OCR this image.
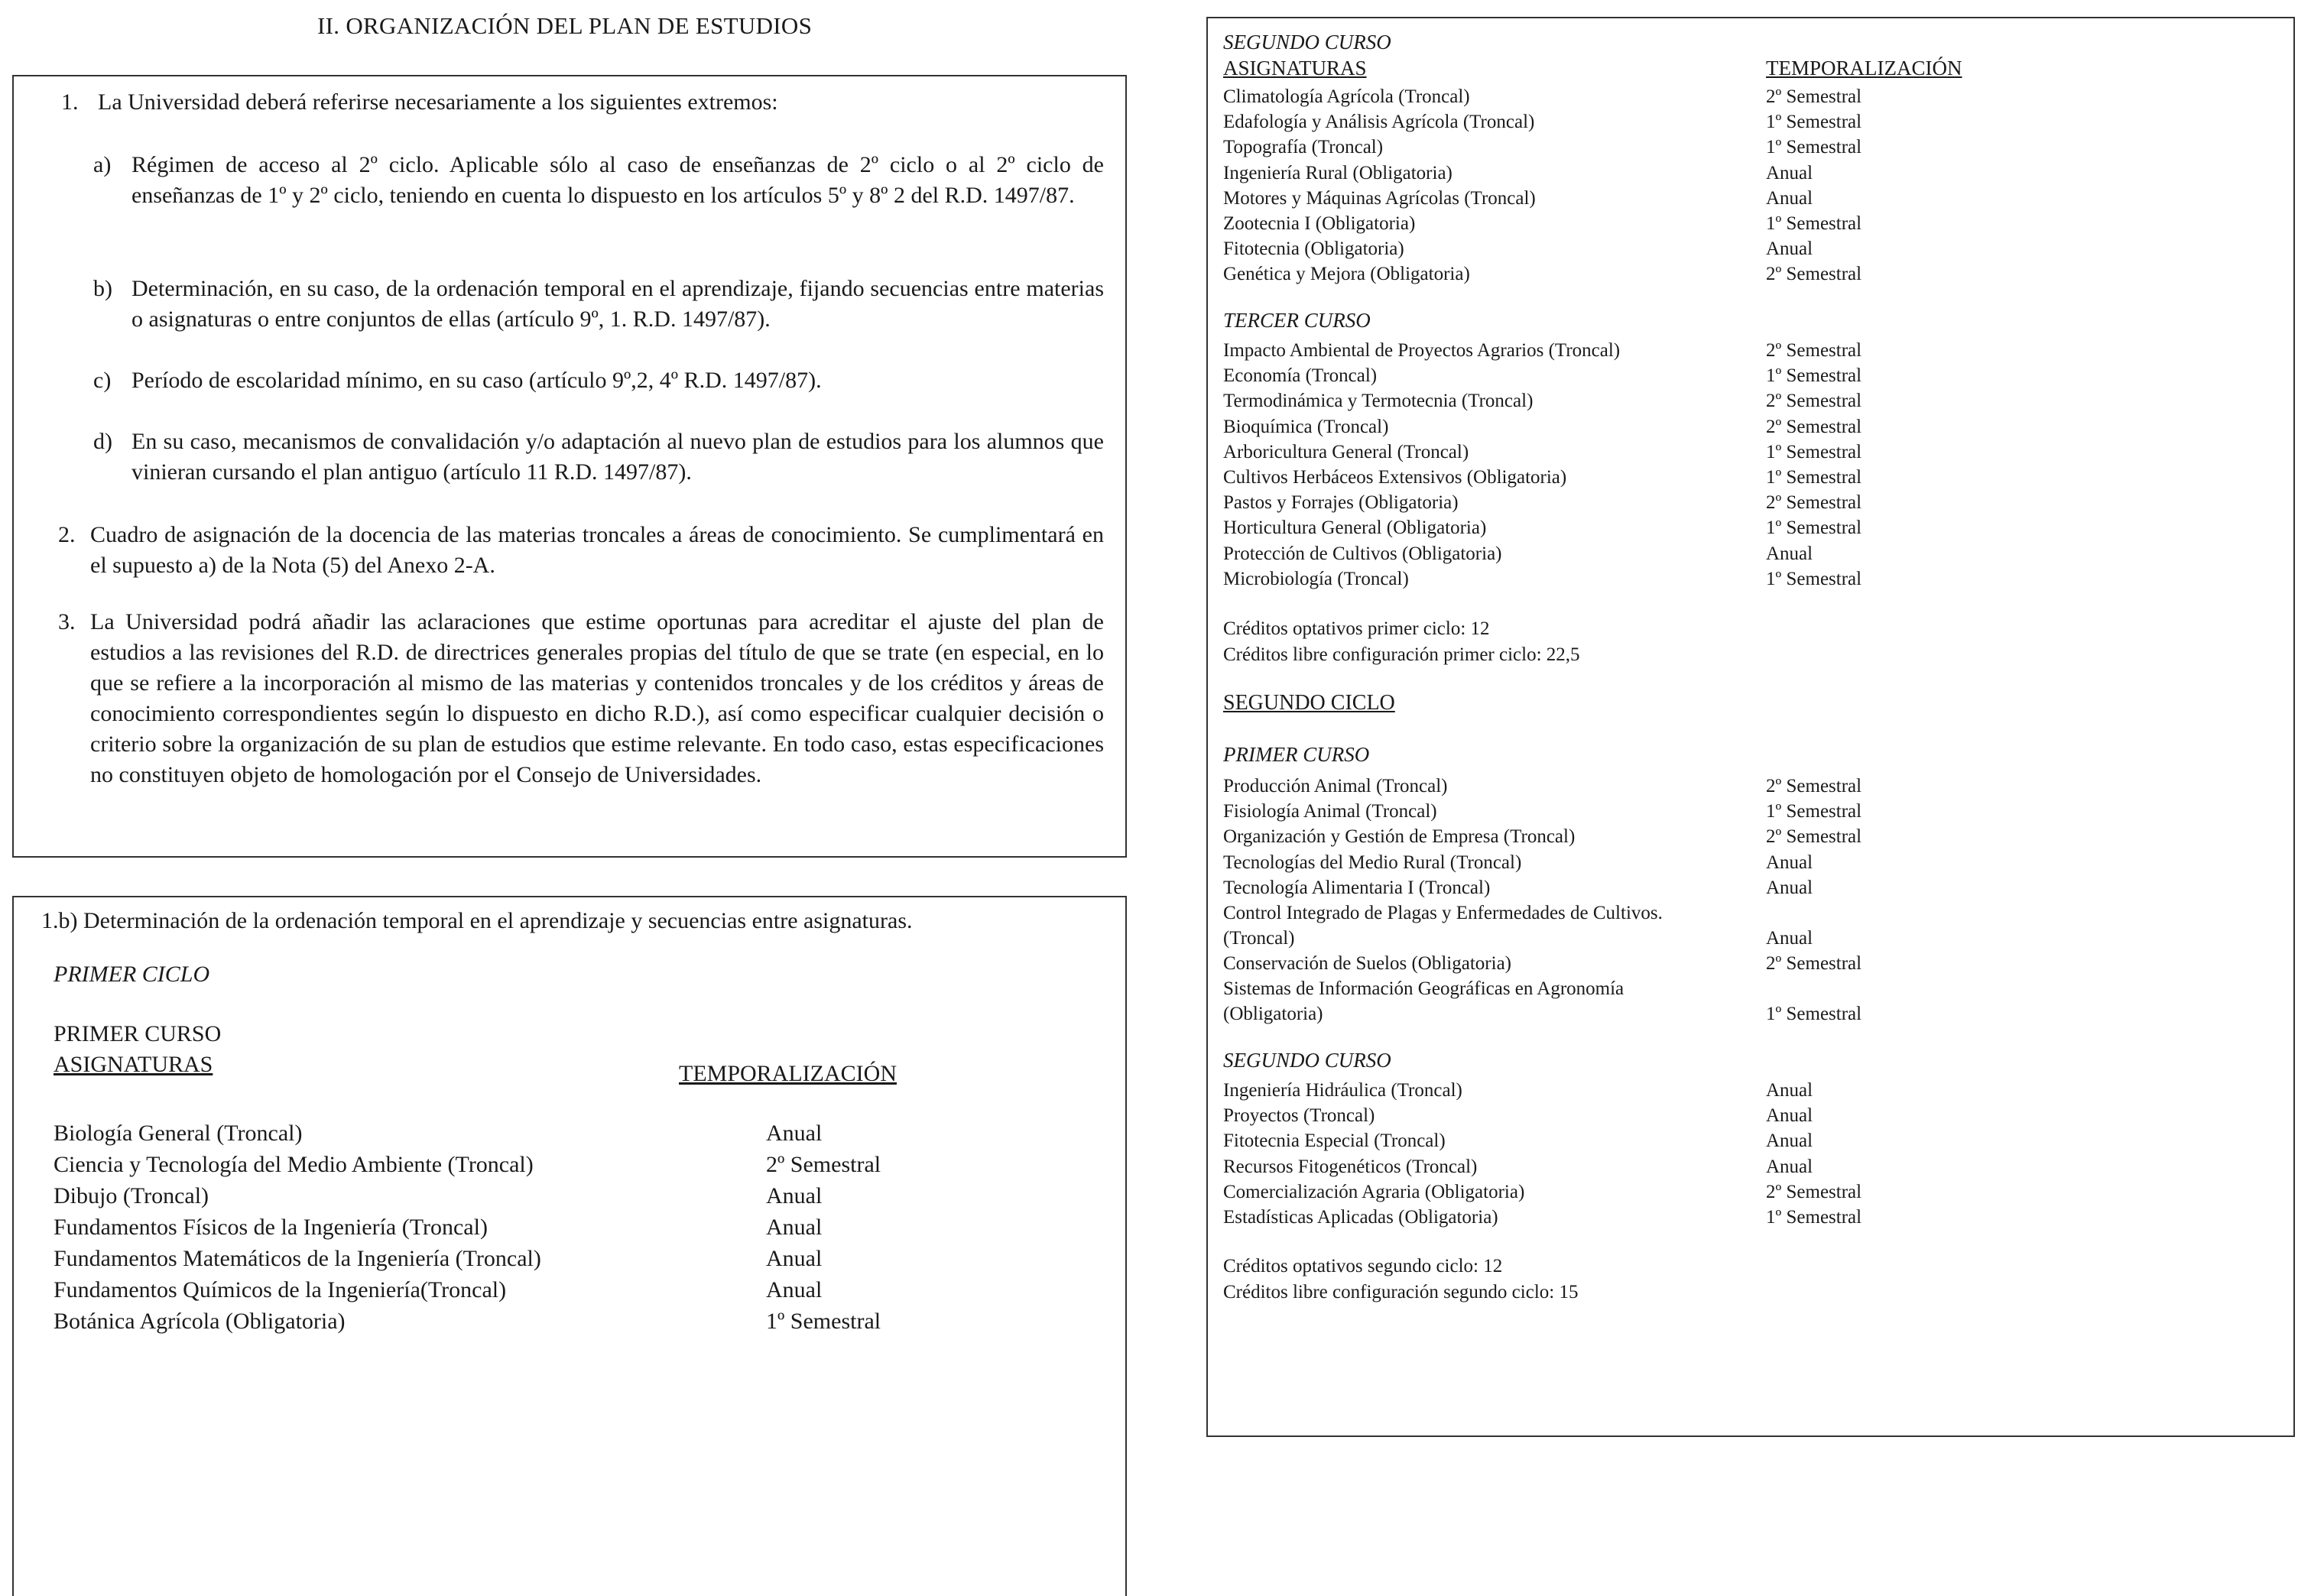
II. ORGANIZACIÓN DEL PLAN DE ESTUDIOS

1. La Universidad deberá referirse necesariamente a los siguientes extremos:

a) Régimen de acceso al 2º ciclo. Aplicable sólo al caso de enseñanzas de 2º ciclo o al 2º ciclo de enseñanzas de 1º y 2º ciclo, teniendo en cuenta lo dispuesto en los artículos 5º y 8º 2 del R.D. 1497/87.

b) Determinación, en su caso, de la ordenación temporal en el aprendizaje, fijando secuencias entre materias o asignaturas o entre conjuntos de ellas (artículo 9º, 1. R.D. 1497/87).

c) Período de escolaridad mínimo, en su caso (artículo 9º,2, 4º R.D. 1497/87).

d) En su caso, mecanismos de convalidación y/o adaptación al nuevo plan de estudios para los alumnos que vinieran cursando el plan antiguo (artículo 11 R.D. 1497/87).

2. Cuadro de asignación de la docencia de las materias troncales a áreas de conocimiento. Se cumplimentará en el supuesto a) de la Nota (5) del Anexo 2-A.

3. La Universidad podrá añadir las aclaraciones que estime oportunas para acreditar el ajuste del plan de estudios a las revisiones del R.D. de directrices generales propias del título de que se trate (en especial, en lo que se refiere a la incorporación al mismo de las materias y contenidos troncales y de los créditos y áreas de conocimiento correspondientes según lo dispuesto en dicho R.D.), así como especificar cualquier decisión o criterio sobre la organización de su plan de estudios que estime relevante. En todo caso, estas especificaciones no constituyen objeto de homologación por el Consejo de Universidades.

1.b) Determinación de la ordenación temporal en el aprendizaje y secuencias entre asignaturas.

PRIMER CICLO

PRIMER CURSO

ASIGNATURAS	TEMPORALIZACIÓN

Biología General (Troncal)	Anual
Ciencia y Tecnología del Medio Ambiente (Troncal)	2º Semestral
Dibujo (Troncal)	Anual
Fundamentos Físicos de la Ingeniería (Troncal)	Anual
Fundamentos Matemáticos de la Ingeniería (Troncal)	Anual
Fundamentos Químicos de la Ingeniería(Troncal)	Anual
Botánica Agrícola (Obligatoria)	1º Semestral

SEGUNDO CURSO

ASIGNATURAS	TEMPORALIZACIÓN

Climatología Agrícola (Troncal)	2º Semestral
Edafología y Análisis Agrícola (Troncal)	1º Semestral
Topografía (Troncal)	1º Semestral
Ingeniería Rural (Obligatoria)	Anual
Motores y Máquinas Agrícolas (Troncal)	Anual
Zootecnia I (Obligatoria)	1º Semestral
Fitotecnia (Obligatoria)	Anual
Genética y Mejora (Obligatoria)	2º Semestral

TERCER CURSO

Impacto Ambiental de Proyectos Agrarios (Troncal)	2º Semestral
Economía (Troncal)	1º Semestral
Termodinámica y Termotecnia (Troncal)	2º Semestral
Bioquímica (Troncal)	2º Semestral
Arboricultura General (Troncal)	1º Semestral
Cultivos Herbáceos Extensivos (Obligatoria)	1º Semestral
Pastos y Forrajes (Obligatoria)	2º Semestral
Horticultura General (Obligatoria)	1º Semestral
Protección de Cultivos (Obligatoria)	Anual
Microbiología (Troncal)	1º Semestral

Créditos optativos primer ciclo: 12

Créditos libre configuración primer ciclo: 22,5

SEGUNDO CICLO

PRIMER CURSO

Producción Animal (Troncal)	2º Semestral
Fisiología Animal (Troncal)	1º Semestral
Organización y Gestión de Empresa (Troncal)	2º Semestral
Tecnologías del Medio Rural (Troncal)	Anual
Tecnología Alimentaria I (Troncal)	Anual
Control Integrado de Plagas y Enfermedades de Cultivos. (Troncal)	Anual
Conservación de Suelos (Obligatoria)	2º Semestral
Sistemas de Información Geográficas en Agronomía (Obligatoria)	1º Semestral

SEGUNDO CURSO

Ingeniería Hidráulica (Troncal)	Anual
Proyectos (Troncal)	Anual
Fitotecnia Especial (Troncal)	Anual
Recursos Fitogenéticos (Troncal)	Anual
Comercialización Agraria (Obligatoria)	2º Semestral
Estadísticas Aplicadas (Obligatoria)	1º Semestral

Créditos optativos segundo ciclo: 12

Créditos libre configuración segundo ciclo: 15
